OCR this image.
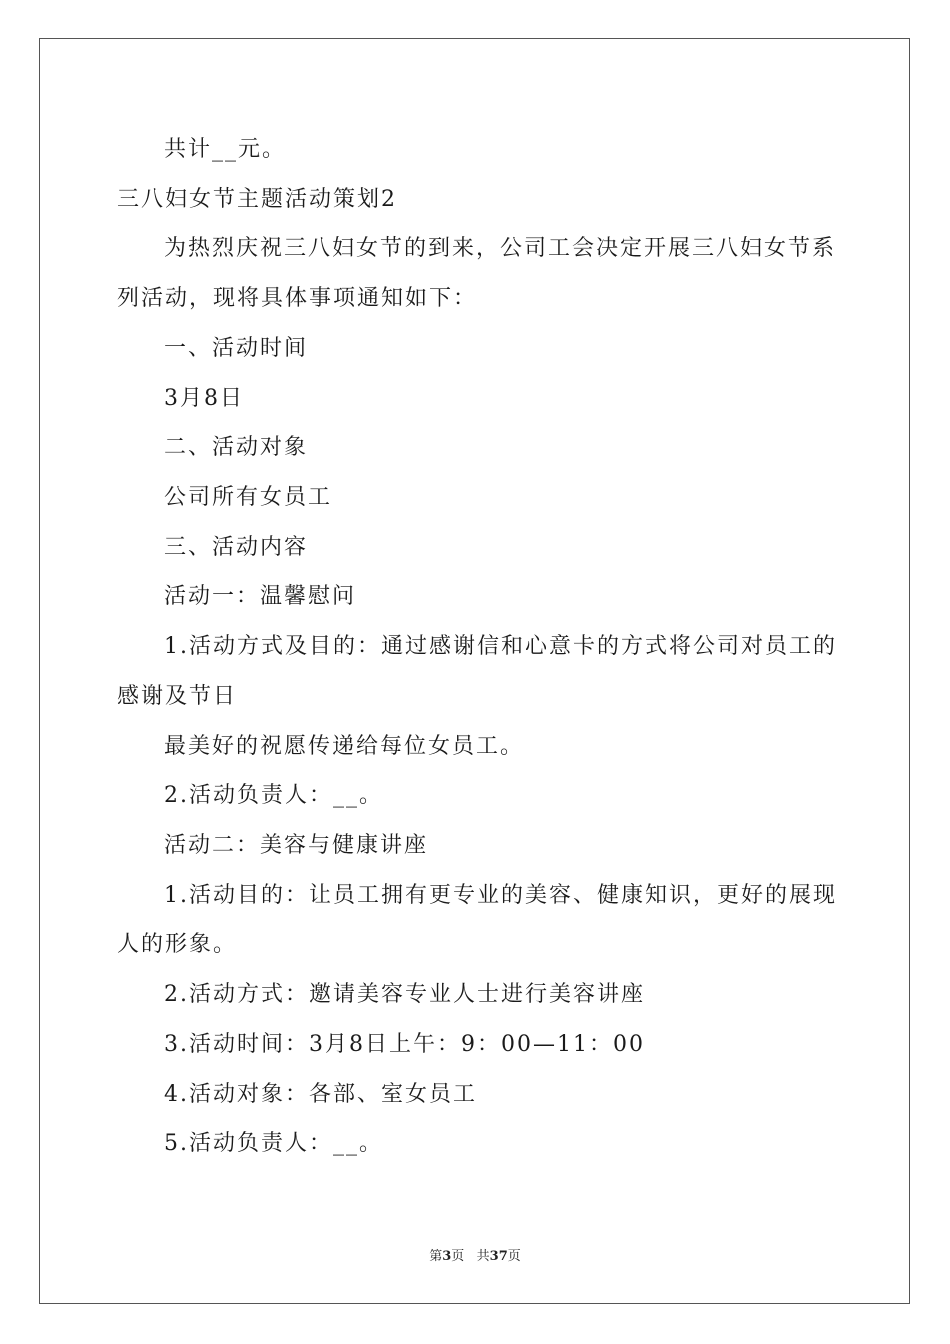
共计__元。
三八妇女节主题活动策划2
为热烈庆祝三八妇女节的到来，公司工会决定开展三八妇女节系
列活动，现将具体事项通知如下：
一、活动时间
3月8日
二、活动对象
公司所有女员工
三、活动内容
活动一：温馨慰问
1.活动方式及目的：通过感谢信和心意卡的方式将公司对员工的
感谢及节日
最美好的祝愿传递给每位女员工。
2.活动负责人：__。
活动二：美容与健康讲座
1.活动目的：让员工拥有更专业的美容、健康知识，更好的展现
人的形象。
2.活动方式：邀请美容专业人士进行美容讲座
3.活动时间：3月8日上午：9：00—11：00
4.活动对象：各部、室女员工
5.活动负责人：__。
第3页   共37页
